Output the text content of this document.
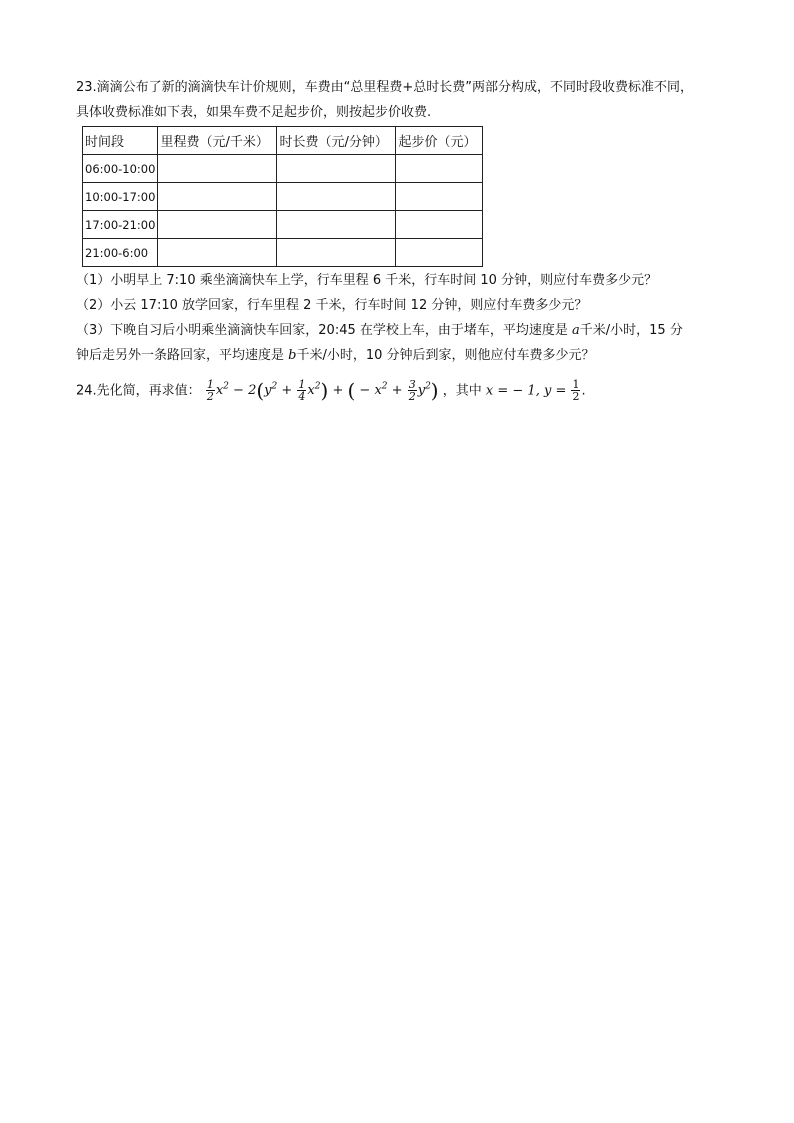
23.滴滴公布了新的滴滴快车计价规则，车费由“总里程费+总时长费”两部分构成，不同时段收费标准不同，
具体收费标准如下表，如果车费不足起步价，则按起步价收费.
时间段	里程费（元/千米）	时长费（元/分钟）	起步价（元）
06:00-10:00			
10:00-17:00			
17:00-21:00			
21:00-6:00			
（1）小明早上 7:10 乘坐滴滴快车上学，行车里程 6 千米，行车时间 10 分钟，则应付车费多少元？
（2）小云 17:10 放学回家，行车里程 2 千米，行车时间 12 分钟，则应付车费多少元？
（3）下晚自习后小明乘坐滴滴快车回家，20:45 在学校上车，由于堵车，平均速度是 a千米/小时，15 分
钟后走另外一条路回家，平均速度是 b千米/小时，10 分钟后到家，则他应付车费多少元？
24.先化简，再求值： $\frac{1}{2} x^2 - 2(y^2 + \frac{1}{4} x^2)$ + ( − $x^2 + \frac{3}{2} y^2$) ，其中 x = − 1, $y = \frac{1}{2}$ .
